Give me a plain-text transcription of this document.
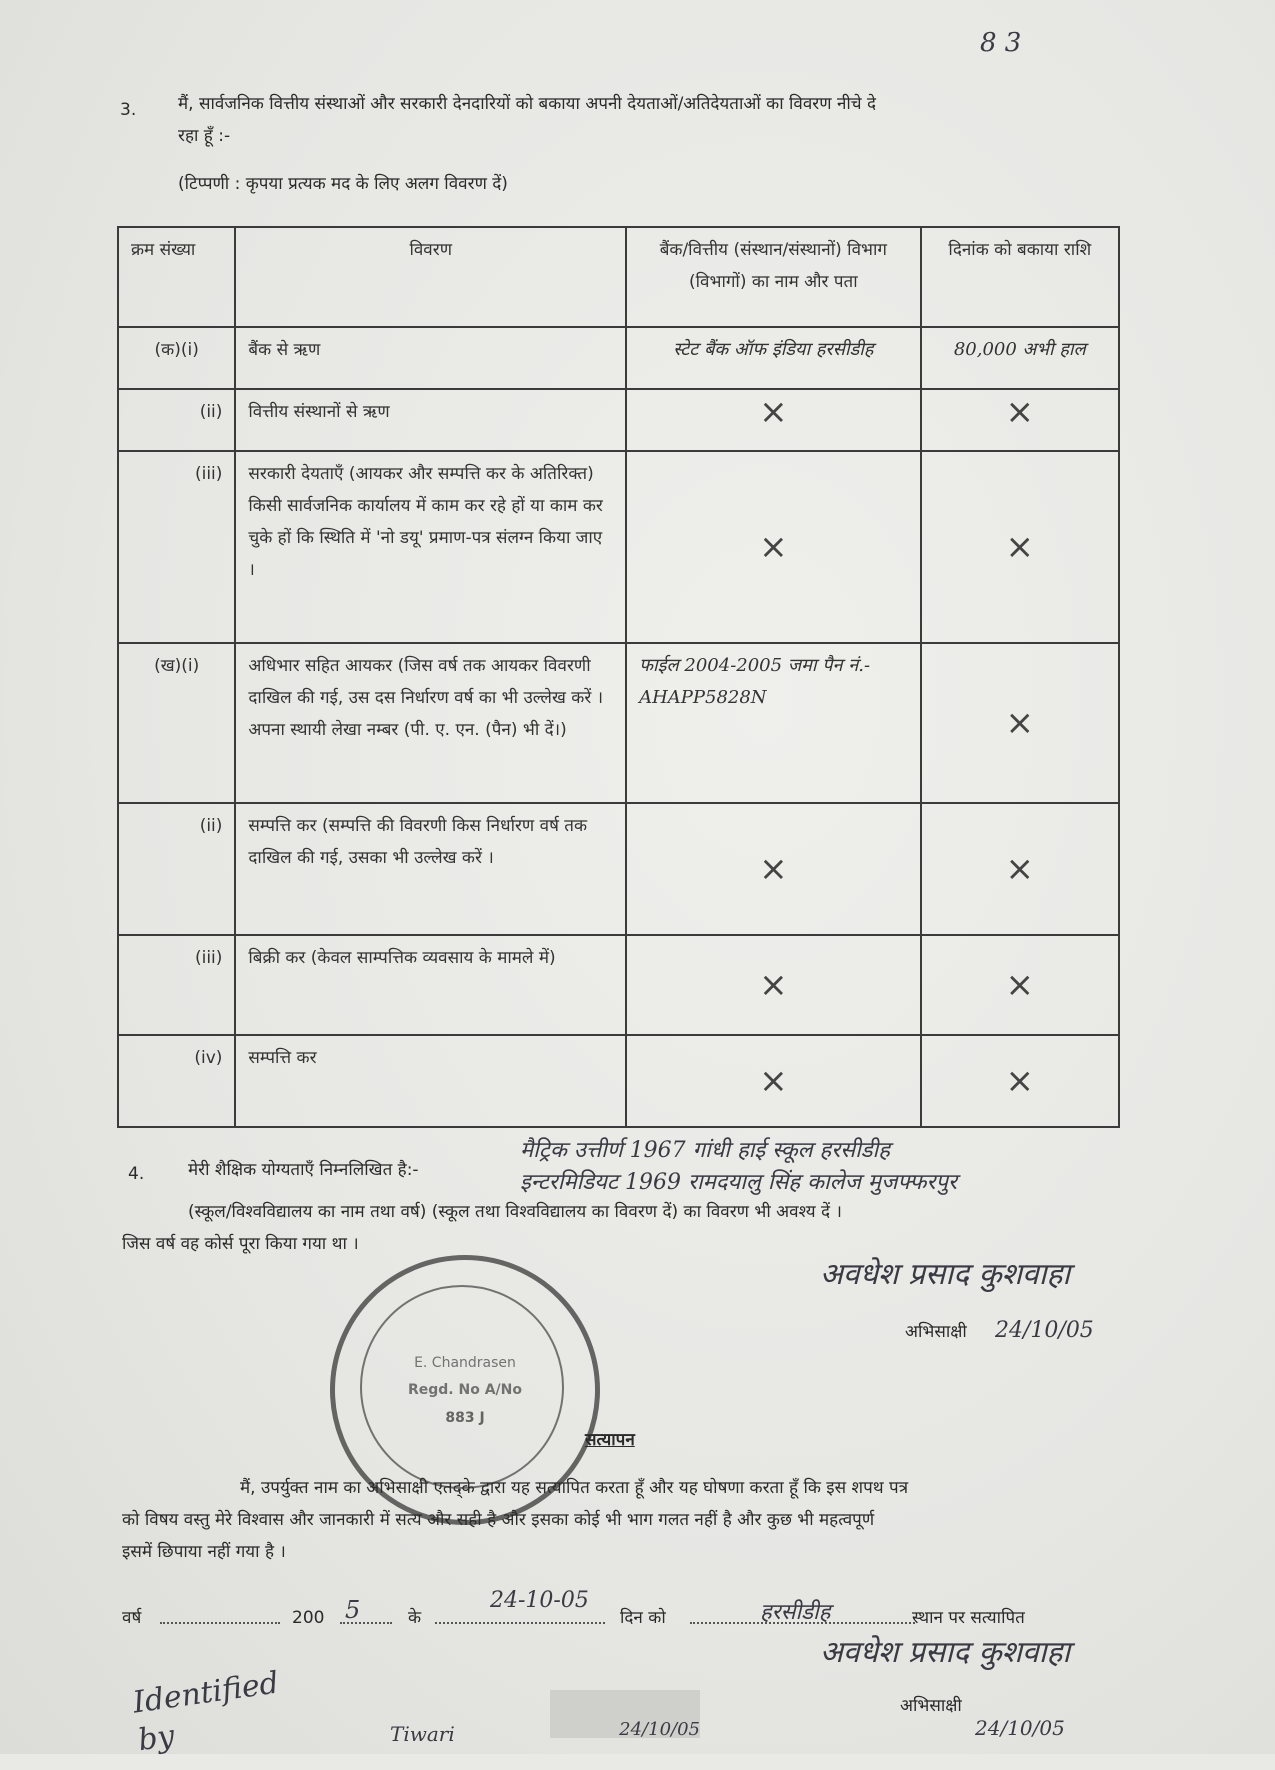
8 3
3. मैं, सार्वजनिक वित्तीय संस्थाओं और सरकारी देनदारियों को बकाया अपनी देयताओं/अतिदेयताओं का विवरण नीचे दे
रहा हूँ :-
(टिप्पणी : कृपया प्रत्यक मद के लिए अलग विवरण दें)
क्रम संख्या	विवरण	बैंक/वित्तीय (संस्थान/संस्थानों) विभाग (विभागों) का नाम और पता	दिनांक को बकाया राशि
(क)(i)	बैंक से ऋण	स्टेट बैंक ऑफ इंडिया हरसीडीह	80,000 अभी हाल
(ii)	वित्तीय संस्थानों से ऋण	×	×

(iii)	सरकारी देयताएँ (आयकर और सम्पत्ति कर के अतिरिक्त) किसी सार्वजनिक कार्यालय में काम कर रहे हों या काम कर चुके हों कि स्थिति में 'नो डयू' प्रमाण-पत्र संलग्न किया जाए ।	×	×

(ख)(i)	अधिभार सहित आयकर (जिस वर्ष तक आयकर विवरणी दाखिल की गई, उस दस निर्धारण वर्ष का भी उल्लेख करें । अपना स्थायी लेखा नम्बर (पी. ए. एन. (पैन) भी दें।)	फाईल 2004-2005 जमा पैन नं.- AHAPP5828N	×

(ii)	सम्पत्ति कर (सम्पत्ति की विवरणी किस निर्धारण वर्ष तक दाखिल की गई, उसका भी उल्लेख करें ।	×	×

(iii)	बिक्री कर (केवल साम्पत्तिक व्यवसाय के मामले में)	×	×

(iv)	सम्पत्ति कर	×	×
4.	मेरी शैक्षिक योग्यताएँ निम्नलिखित है:-
मैट्रिक उत्तीर्ण 1967 गांधी हाई स्कूल हरसीडीह
इन्टरमिडियट 1969 रामदयालु सिंह कालेज मुजफ्फरपुर
(स्कूल/विश्वविद्यालय का नाम तथा वर्ष) (स्कूल तथा विश्वविद्यालय का विवरण दें) का विवरण भी अवश्य दें ।
जिस वर्ष वह कोर्स पूरा किया गया था ।
अवधेश प्रसाद कुशवाहा
अभिसाक्षी 24/10/05
E. Chandrasen
Regd. No A/No
883 J
सत्यापन
मैं, उपर्युक्त नाम का अभिसाक्षी एतद्के द्वारा यह सत्यापित करता हूँ और यह घोषणा करता हूँ कि इस शपथ पत्र
को विषय वस्तु मेरे विश्वास और जानकारी में सत्य और सही है और इसका कोई भी भाग गलत नहीं है और कुछ भी महत्वपूर्ण
इसमें छिपाया नहीं गया है ।
वर्ष	200 5	के
24-10-05
दिन को	हरसीडीह	स्थान पर सत्यापित
अवधेश प्रसाद कुशवाहा
अभिसाक्षी
24/10/05
Identified by	Tiwari	24/10/05
